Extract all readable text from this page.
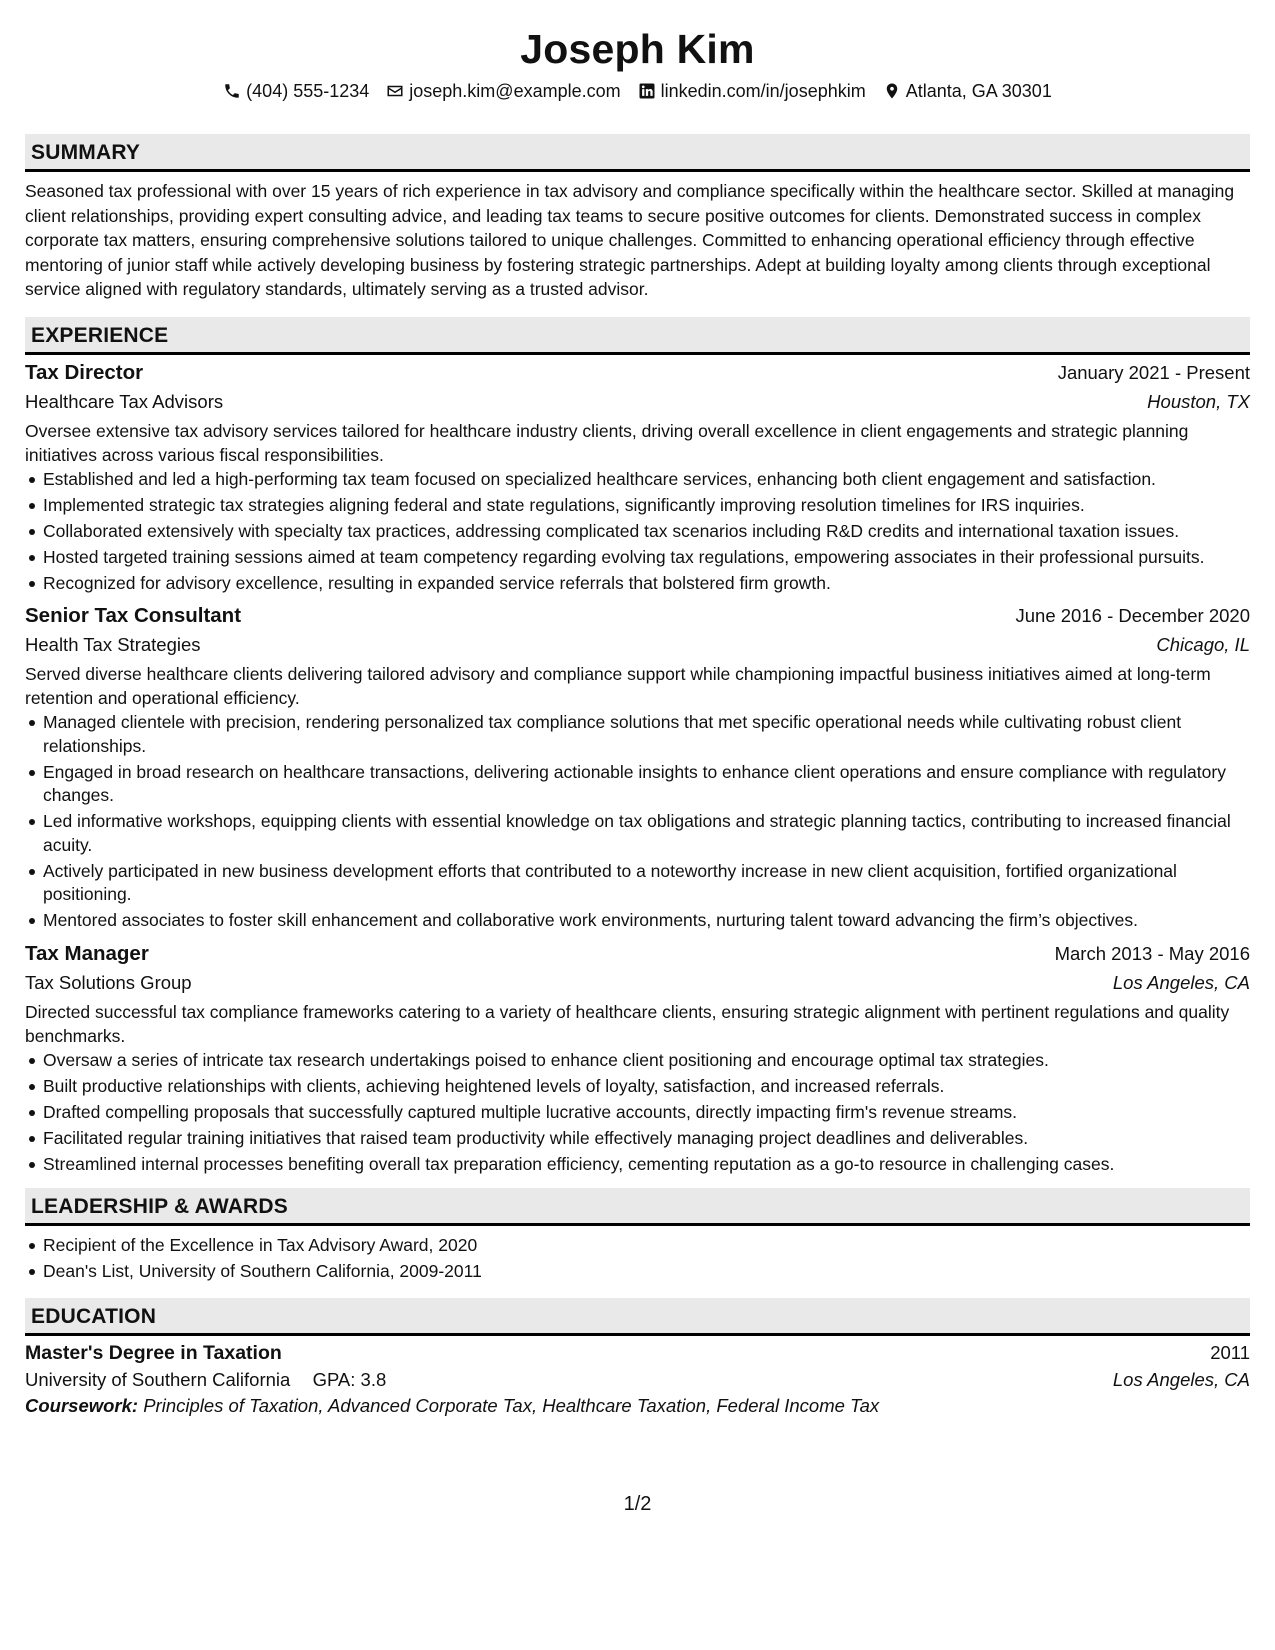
Joseph Kim
(404) 555-1234 joseph.kim@example.com linkedin.com/in/josephkim Atlanta, GA 30301
SUMMARY

Seasoned tax professional with over 15 years of rich experience in tax advisory and compliance specifically within the healthcare sector. Skilled at managing client relationships, providing expert consulting advice, and leading tax teams to secure positive outcomes for clients. Demonstrated success in complex corporate tax matters, ensuring comprehensive solutions tailored to unique challenges. Committed to enhancing operational efficiency through effective mentoring of junior staff while actively developing business by fostering strategic partnerships. Adept at building loyalty among clients through exceptional service aligned with regulatory standards, ultimately serving as a trusted advisor.

EXPERIENCE
Tax Director	January 2021 - Present
Healthcare Tax Advisors	Houston, TX

Oversee extensive tax advisory services tailored for healthcare industry clients, driving overall excellence in client engagements and strategic planning initiatives across various fiscal responsibilities.

Established and led a high-performing tax team focused on specialized healthcare services, enhancing both client engagement and satisfaction.
Implemented strategic tax strategies aligning federal and state regulations, significantly improving resolution timelines for IRS inquiries.
Collaborated extensively with specialty tax practices, addressing complicated tax scenarios including R&D credits and international taxation issues.
Hosted targeted training sessions aimed at team competency regarding evolving tax regulations, empowering associates in their professional pursuits.
Recognized for advisory excellence, resulting in expanded service referrals that bolstered firm growth.
Senior Tax Consultant	June 2016 - December 2020
Health Tax Strategies	Chicago, IL

Served diverse healthcare clients delivering tailored advisory and compliance support while championing impactful business initiatives aimed at long-term retention and operational efficiency.

Managed clientele with precision, rendering personalized tax compliance solutions that met specific operational needs while cultivating robust client relationships.
Engaged in broad research on healthcare transactions, delivering actionable insights to enhance client operations and ensure compliance with regulatory changes.
Led informative workshops, equipping clients with essential knowledge on tax obligations and strategic planning tactics, contributing to increased financial acuity.
Actively participated in new business development efforts that contributed to a noteworthy increase in new client acquisition, fortified organizational positioning.
Mentored associates to foster skill enhancement and collaborative work environments, nurturing talent toward advancing the firm’s objectives.
Tax Manager	March 2013 - May 2016
Tax Solutions Group	Los Angeles, CA

Directed successful tax compliance frameworks catering to a variety of healthcare clients, ensuring strategic alignment with pertinent regulations and quality benchmarks.

Oversaw a series of intricate tax research undertakings poised to enhance client positioning and encourage optimal tax strategies.
Built productive relationships with clients, achieving heightened levels of loyalty, satisfaction, and increased referrals.
Drafted compelling proposals that successfully captured multiple lucrative accounts, directly impacting firm's revenue streams.
Facilitated regular training initiatives that raised team productivity while effectively managing project deadlines and deliverables.
Streamlined internal processes benefiting overall tax preparation efficiency, cementing reputation as a go-to resource in challenging cases.
LEADERSHIP & AWARDS
Recipient of the Excellence in Tax Advisory Award, 2020
Dean's List, University of Southern California, 2009-2011
EDUCATION
Master's Degree in Taxation	2011
University of Southern California GPA: 3.8	Los Angeles, CA
Coursework: Principles of Taxation, Advanced Corporate Tax, Healthcare Taxation, Federal Income Tax
1/2
